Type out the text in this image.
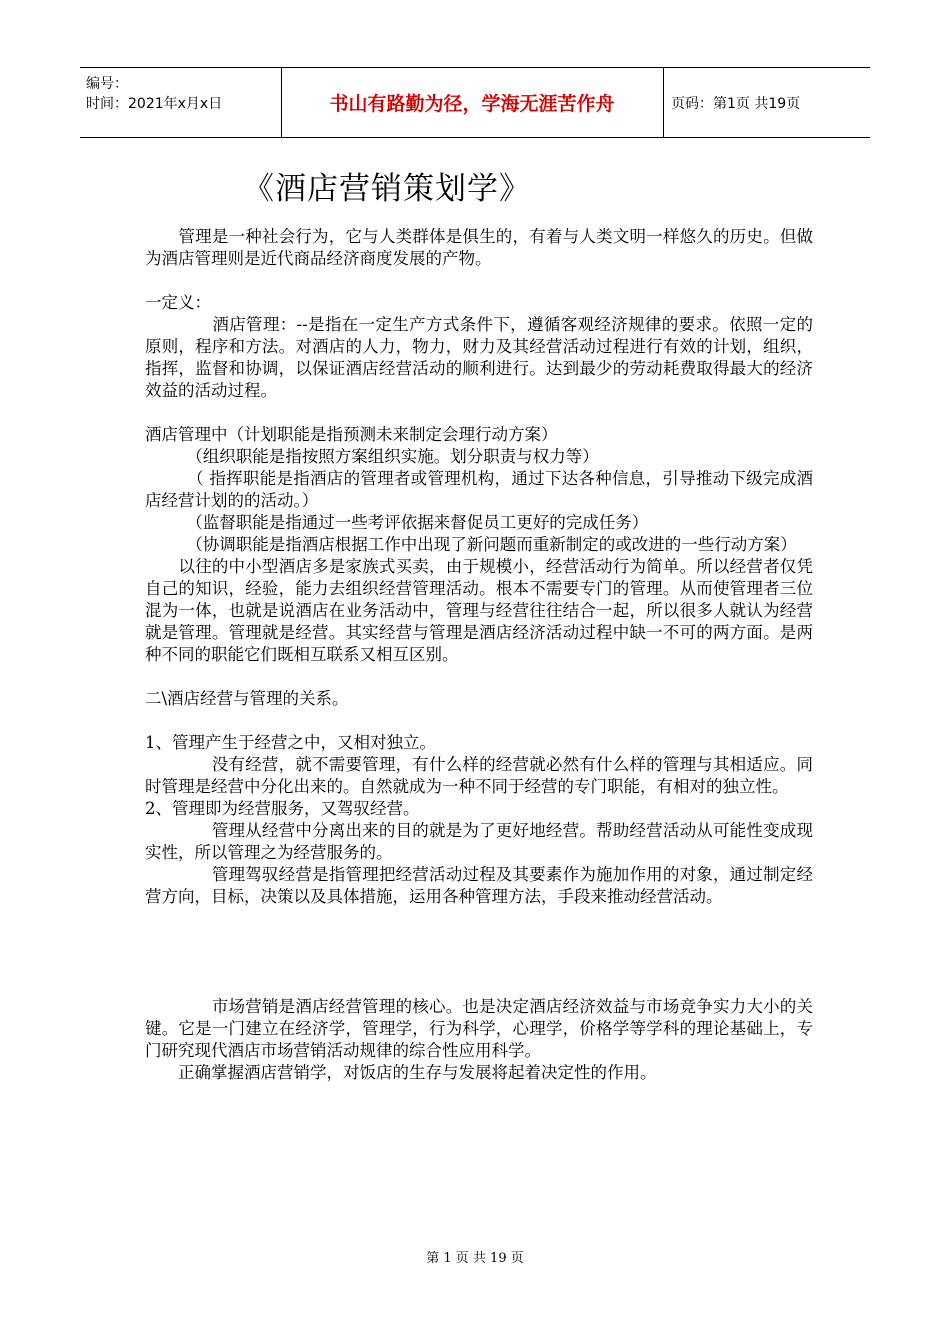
编号：
时间：2021年x月x日	书山有路勤为径，学海无涯苦作舟	页码：第1页 共19页
《酒店营销策划学》

　　管理是一种社会行为，它与人类群体是俱生的，有着与人类文明一样悠久的历史。但做为酒店管理则是近代商品经济商度发展的产物。

一定义：

　　　　酒店管理：--是指在一定生产方式条件下，遵循客观经济规律的要求。依照一定的原则，程序和方法。对酒店的人力，物力，财力及其经营活动过程进行有效的计划，组织，指挥，监督和协调，以保证酒店经营活动的顺利进行。达到最少的劳动耗费取得最大的经济效益的活动过程。

酒店管理中（计划职能是指预测未来制定会理行动方案）

　　　（组织职能是指按照方案组织实施。划分职责与权力等）

　　　（ 指挥职能是指酒店的管理者或管理机构，通过下达各种信息，引导推动下级完成酒店经营计划的的活动。）

　　　（监督职能是指通过一些考评依据来督促员工更好的完成任务）

　　　（协调职能是指酒店根据工作中出现了新问题而重新制定的或改进的一些行动方案）

　　以往的中小型酒店多是家族式买卖，由于规模小，经营活动行为简单。所以经营者仅凭自己的知识，经验，能力去组织经营管理活动。根本不需要专门的管理。从而使管理者三位混为一体，也就是说酒店在业务活动中，管理与经营往往结合一起，所以很多人就认为经营就是管理。管理就是经营。其实经营与管理是酒店经济活动过程中缺一不可的两方面。是两种不同的职能它们既相互联系又相互区别。

二\酒店经营与管理的关系。

1、管理产生于经营之中，又相对独立。

　　　　没有经营，就不需要管理，有什么样的经营就必然有什么样的管理与其相适应。同时管理是经营中分化出来的。自然就成为一种不同于经营的专门职能，有相对的独立性。

2、管理即为经营服务，又驾驭经营。

　　　　管理从经营中分离出来的目的就是为了更好地经营。帮助经营活动从可能性变成现实性，所以管理之为经营服务的。

　　　　管理驾驭经营是指管理把经营活动过程及其要素作为施加作用的对象，通过制定经营方向，目标，决策以及具体措施，运用各种管理方法，手段来推动经营活动。

　　　　市场营销是酒店经营管理的核心。也是决定酒店经济效益与市场竞争实力大小的关键。它是一门建立在经济学，管理学，行为科学，心理学，价格学等学科的理论基础上，专门研究现代酒店市场营销活动规律的综合性应用科学。

　　正确掌握酒店营销学，对饭店的生存与发展将起着决定性的作用。

第 1 页 共 19 页
